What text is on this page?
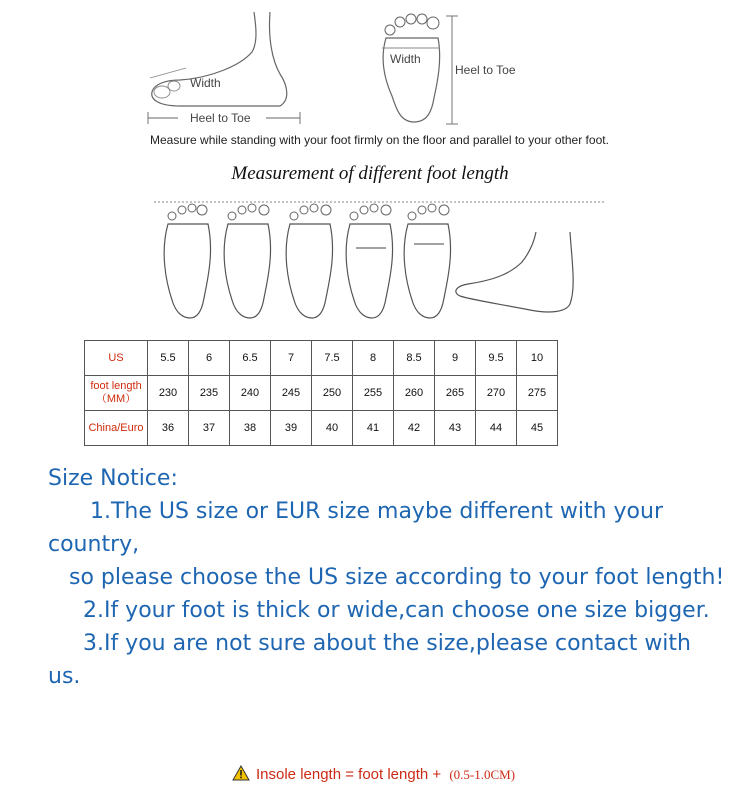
Width
Heel to Toe
Width
Heel to Toe
Measure while standing with your foot firmly on the floor and parallel to your other foot.
Measurement of different foot length
US	5.5	6	6.5	7	7.5	8	8.5	9	9.5	10
foot length
（MM）	230	235	240	245	250	255	260	265	270	275
China/Euro	36	37	38	39	40	41	42	43	44	45
Size Notice:
1.The US size or EUR size maybe different with your country,
so please choose the US size according to your foot length!
2.If your foot is thick or wide,can choose one size bigger.
3.If you are not sure about the size,please contact with us.
Insole length = foot length + (0.5-1.0CM)
